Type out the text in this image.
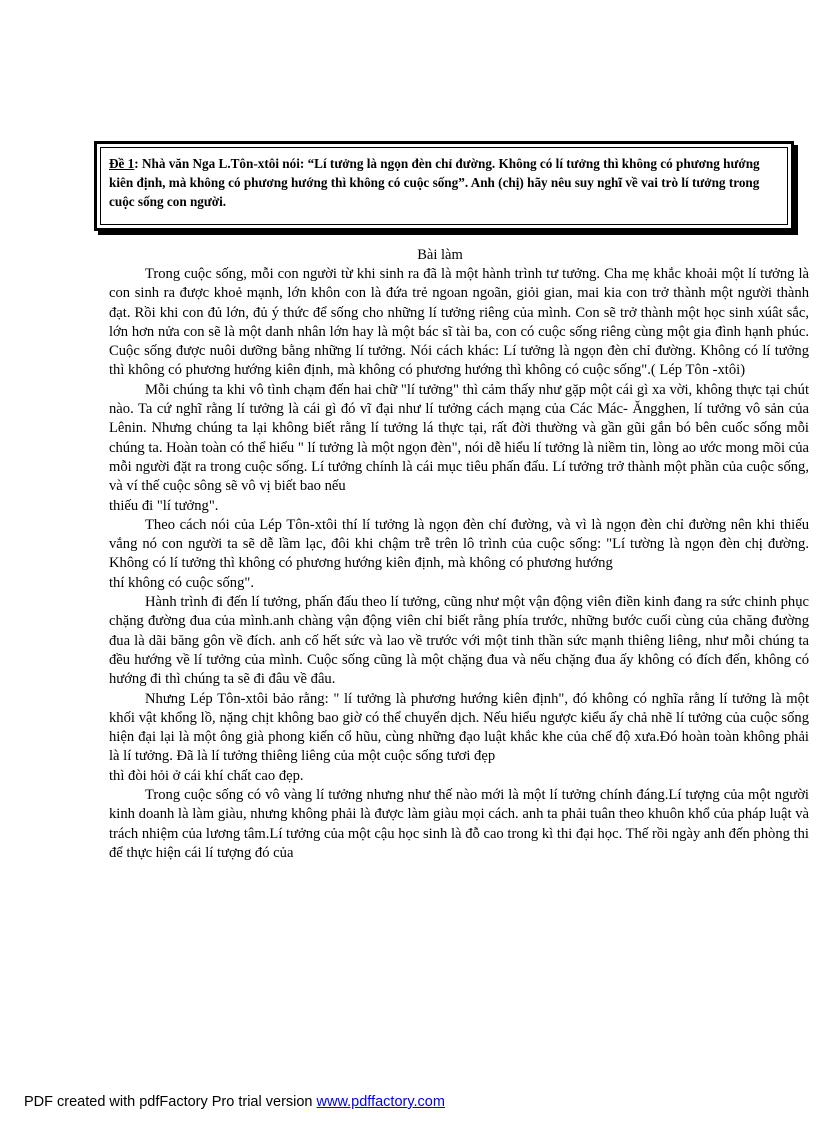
Đề 1: Nhà văn Nga L.Tôn-xtôi nói: “Lí tưởng là ngọn đèn chỉ đường. Không có lí tưởng thì không có phương hướng kiên định, mà không có phương hướng thì không có cuộc sống”. Anh (chị) hãy nêu suy nghĩ về vai trò lí tưởng trong cuộc sống con người.
Bài làm

Trong cuộc sống, mỗi con người từ khi sinh ra đã là một hành trình tư tưởng. Cha mẹ khắc khoải một lí tưởng là con sinh ra được khoẻ mạnh, lớn khôn con là đứa trẻ ngoan ngoãn, giỏi gian, mai kia con trở thành một người thành đạt. Rồi khi con đủ lớn, đủ ý thức để sống cho những lí tưởng riêng của mình. Con sẽ trở thành một học sinh xúât sắc, lớn hơn nửa con sẽ là một danh nhân lớn hay là một bác sĩ tài ba, con có cuộc sống riêng cùng một gia đình hạnh phúc. Cuộc sống được nuôi dưỡng bằng những lí tưởng. Nói cách khác: Lí tưởng là ngọn đèn chỉ đường. Không có lí tưởng thì không có phương hướng kiên định, mà không có phương hướng thì không có cuộc sống".( Lép Tôn -xtôi)

Mỗi chúng ta khi vô tình chạm đến hai chữ "lí tưởng" thì cảm thấy như gặp một cái gì xa vời, không thực tại chút nào. Ta cứ nghĩ rằng lí tưởng là cái gì đó vĩ đại như lí tưởng cách mạng của Các Mác- Ăngghen, lí tưởng vô sản của Lênin. Nhưng chúng ta lại không biết rằng lí tưởng lá thực tại, rất đời thường và gần gũi gắn bó bên cuốc sống mỗi chúng ta. Hoàn toàn có thể hiểu " lí tưởng là một ngọn đèn", nói dễ hiểu lí tưởng là niềm tin, lòng ao ước mong mõi của mỗi người đặt ra trong cuộc sống. Lí tưởng chính là cái mục tiêu phấn đấu. Lí tưởng trở thành một phần của cuộc sống, và ví thế cuộc sông sẽ vô vị biết bao nếu

thiếu đi "lí tưởng".

Theo cách nói của Lép Tôn-xtôi thí lí tưởng là ngọn đèn chí đường, và vì là ngọn đèn chỉ đường nên khi thiếu vắng nó con người ta sẽ dễ lầm lạc, đôi khi chậm trễ trên lô trình của cuộc sống: "Lí tường là ngọn đèn chị đường. Không có lí tưởng thì không có phương hướng kiên định, mà không có phương hướng

thí không có cuộc sống".

Hành trình đi đến lí tưởng, phấn đấu theo lí tưởng, cũng như một vận động viên điền kinh đang ra sức chinh phục chặng đường đua của mình.anh chàng vận động viên chỉ biết rằng phía trước, những bước cuối cùng của chăng đường đua là dãi băng gôn về đích. anh cố hết sức và lao về trước với một tinh thần sức mạnh thiêng liêng, như mỗi chúng ta đều hướng về lí tưởng của mình. Cuộc sống cũng là một chặng đua và nếu chặng đua ấy không có đích đến, không có hướng đi thì chúng ta sẽ đi đâu về đâu.

Nhưng Lép Tôn-xtôi bảo rằng: " lí tưởng là phương hướng kiên định", đó không có nghĩa rằng lí tưởng là một khối vật khổng lồ, nặng chịt không bao giờ có thể chuyển dịch. Nếu hiểu ngược kiểu ấy chả nhẽ lí tưởng của cuộc sống hiện đại lại là một ông già phong kiến cổ hũu, cùng những đạo luật khắc khe của chế độ xưa.Đó hoàn toàn không phải là lí tưởng. Đã là lí tưởng thiêng liêng của một cuộc sống tươi đẹp

thì đòi hỏi ở cái khí chất cao đẹp.

Trong cuộc sống có vô vàng lí tưởng nhưng như thế nào mới là một lí tưởng chính đáng.Lí tượng của một người kinh doanh là làm giàu, nhưng không phải là được làm giàu mọi cách. anh ta phải tuân theo khuôn khổ của pháp luật và trách nhiệm của lương tâm.Lí tưởng của một cậu học sinh là đỗ cao trong kì thi đại học. Thế rồi ngày anh đến phòng thi để thực hiện cái lí tượng đó của

PDF created with pdfFactory Pro trial version www.pdffactory.com
